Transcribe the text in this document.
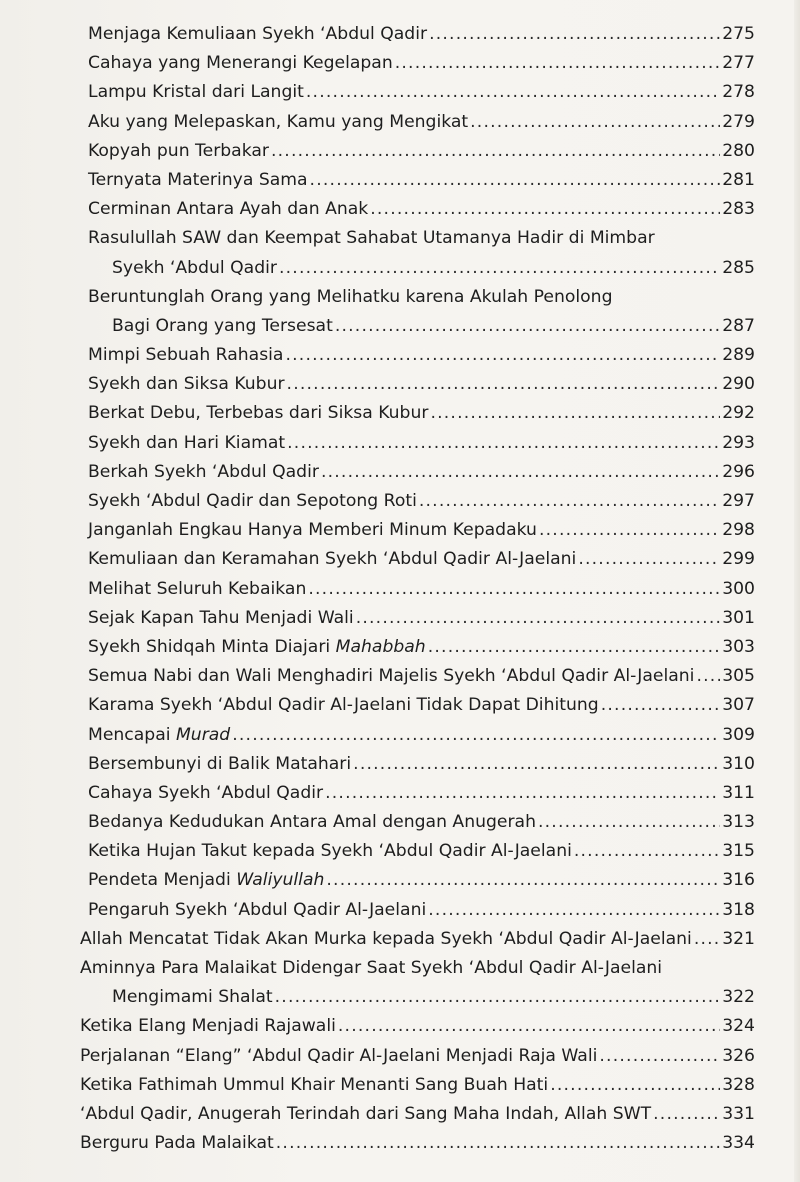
Menjaga Kemuliaan Syekh ‘Abdul Qadir .....	275
Cahaya yang Menerangi Kegelapan .....	277
Lampu Kristal dari Langit .....	278
Aku yang Melepaskan, Kamu yang Mengikat .....	279
Kopyah pun Terbakar .....	280
Ternyata Materinya Sama .....	281
Cerminan Antara Ayah dan Anak .....	283
Rasulullah SAW dan Keempat Sahabat Utamanya Hadir di Mimbar
Syekh ‘Abdul Qadir .....	285
Beruntunglah Orang yang Melihatku karena Akulah Penolong
Bagi Orang yang Tersesat .....	287
Mimpi Sebuah Rahasia .....	289
Syekh dan Siksa Kubur .....	290
Berkat Debu, Terbebas dari Siksa Kubur .....	292
Syekh dan Hari Kiamat .....	293
Berkah Syekh ‘Abdul Qadir .....	296
Syekh ‘Abdul Qadir dan Sepotong Roti .....	297
Janganlah Engkau Hanya Memberi Minum Kepadaku .....	298
Kemuliaan dan Keramahan Syekh ‘Abdul Qadir Al-Jaelani .....	299
Melihat Seluruh Kebaikan .....	300
Sejak Kapan Tahu Menjadi Wali .....	301
Syekh Shidqah Minta Diajari Mahabbah .....	303
Semua Nabi dan Wali Menghadiri Majelis Syekh ‘Abdul Qadir Al-Jaelani ..... 305
Karama Syekh ‘Abdul Qadir Al-Jaelani Tidak Dapat Dihitung .....	307
Mencapai Murad .....	309
Bersembunyi di Balik Matahari .....	310
Cahaya Syekh ‘Abdul Qadir .....	311
Bedanya Kedudukan Antara Amal dengan Anugerah .....	313
Ketika Hujan Takut kepada Syekh ‘Abdul Qadir Al-Jaelani .....	315
Pendeta Menjadi Waliyullah .....	316
Pengaruh Syekh ‘Abdul Qadir Al-Jaelani .....	318
Allah Mencatat Tidak Akan Murka kepada Syekh ‘Abdul Qadir Al-Jaelani ..... 321
Aminnya Para Malaikat Didengar Saat Syekh ‘Abdul Qadir Al-Jaelani
Mengimami Shalat .....	322
Ketika Elang Menjadi Rajawali .....	324
Perjalanan “Elang” ‘Abdul Qadir Al-Jaelani Menjadi Raja Wali .....	326
Ketika Fathimah Ummul Khair Menanti Sang Buah Hati .....	328
‘Abdul Qadir, Anugerah Terindah dari Sang Maha Indah, Allah SWT .....	331
Berguru Pada Malaikat .....	334
